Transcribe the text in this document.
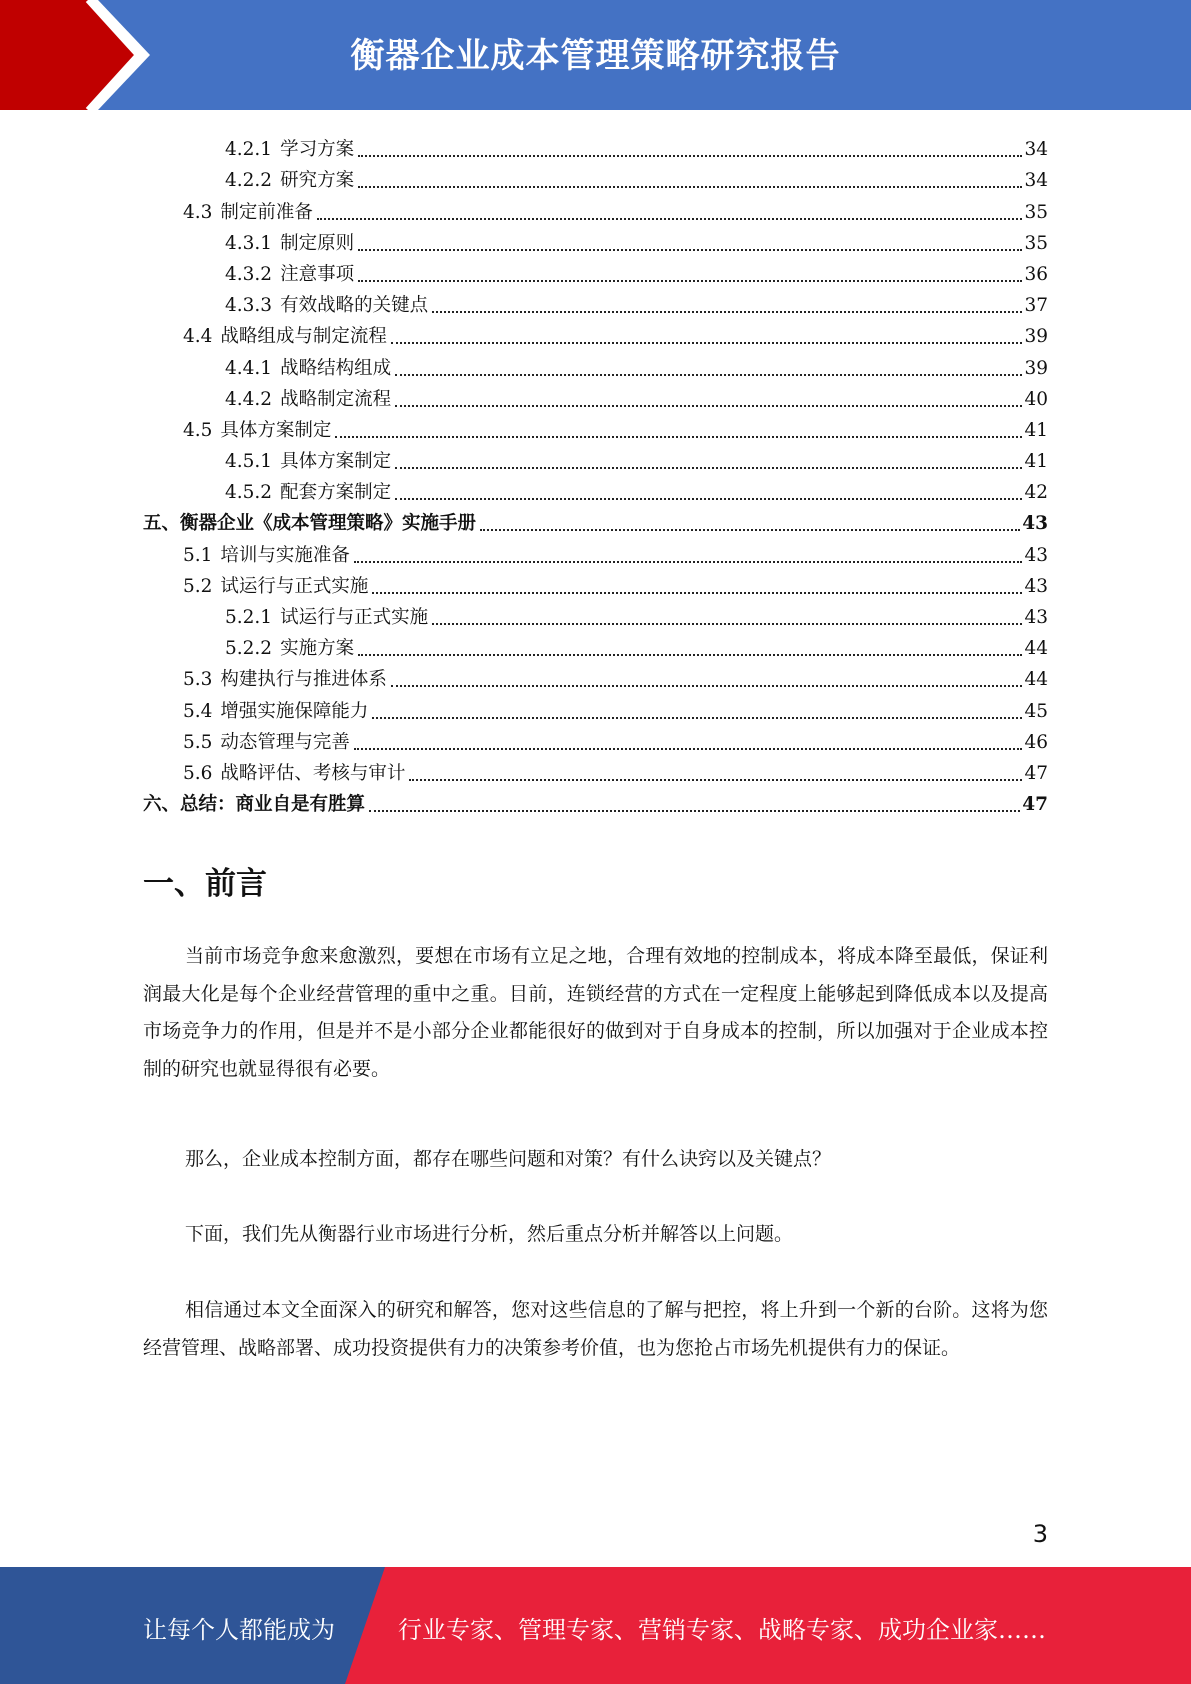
衡器企业成本管理策略研究报告
4.2.1 学习方案	34
4.2.2 研究方案	34
4.3 制定前准备	35
4.3.1 制定原则	35
4.3.2 注意事项	36
4.3.3 有效战略的关键点	37
4.4 战略组成与制定流程	39
4.4.1 战略结构组成	39
4.4.2 战略制定流程	40
4.5 具体方案制定	41
4.5.1 具体方案制定	41
4.5.2 配套方案制定	42
五、 衡器企业《成本管理策略》实施手册	43
5.1 培训与实施准备	43
5.2 试运行与正式实施	43
5.2.1 试运行与正式实施	43
5.2.2 实施方案	44
5.3 构建执行与推进体系	44
5.4 增强实施保障能力	45
5.5 动态管理与完善	46
5.6 战略评估、考核与审计	47
六、 总结：商业自是有胜算	47
一、前言

当前市场竞争愈来愈激烈，要想在市场有立足之地，合理有效地的控制成本，将成本降至最低，保证利润最大化是每个企业经营管理的重中之重。目前，连锁经营的方式在一定程度上能够起到降低成本以及提高市场竞争力的作用，但是并不是小部分企业都能很好的做到对于自身成本的控制，所以加强对于企业成本控制的研究也就显得很有必要。

那么，企业成本控制方面，都存在哪些问题和对策？有什么诀窍以及关键点？

下面，我们先从衡器行业市场进行分析，然后重点分析并解答以上问题。

相信通过本文全面深入的研究和解答，您对这些信息的了解与把控，将上升到一个新的台阶。这将为您经营管理、战略部署、成功投资提供有力的决策参考价值，也为您抢占市场先机提供有力的保证。

3
让每个人都能成为	行业专家、管理专家、营销专家、战略专家、成功企业家……
